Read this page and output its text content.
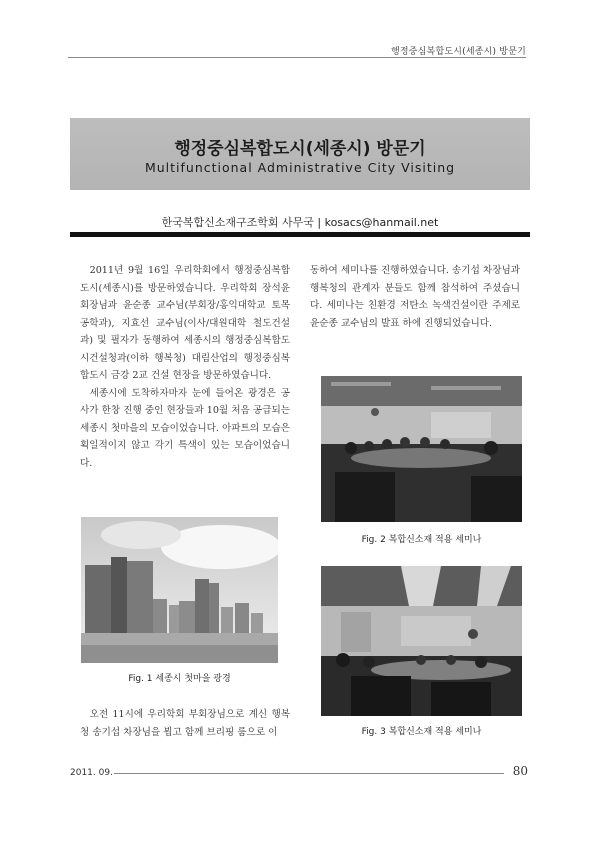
행정중심복합도시(세종시) 방문기
행정중심복합도시(세종시) 방문기
Multifunctional Administrative City Visiting
한국복합신소재구조학회 사무국 | kosacs@hanmail.net

2011년 9월 16일 우리학회에서 행정중심복합도시(세종시)를 방문하였습니다. 우리학회 장석윤 회장님과 윤순종 교수님(부회장/홍익대학교 토목공학과), 지효선 교수님(이사/대원대학 철도건설과) 및 필자가 동행하여 세종시의 행정중심복합도시건설청과(이하 행복청) 대림산업의 행정중심복합도시 금강 2교 건설 현장을 방문하였습니다.

세종시에 도착하자마자 눈에 들어온 광경은 공사가 한창 진행 중인 현장들과 10월 처음 공급되는 세종시 첫마을의 모습이었습니다. 아파트의 모습은 획일적이지 않고 각기 특색이 있는 모습이었습니다.

동하여 세미나를 진행하였습니다. 송기섭 차장님과 행복청의 관계자 분들도 함께 참석하여 주셨습니다. 세미나는 친환경 저탄소 녹색건설이란 주제로 윤순종 교수님의 발표 하에 진행되었습니다.

Fig. 1 세종시 첫마을 광경

오전 11시에 우리학회 부회장님으로 계신 행복청 송기섭 차장님을 뵙고 함께 브리핑 룸으로 이

Fig. 2 복합신소재 적용 세미나
Fig. 3 복합신소재 적용 세미나
2011. 09.	80
